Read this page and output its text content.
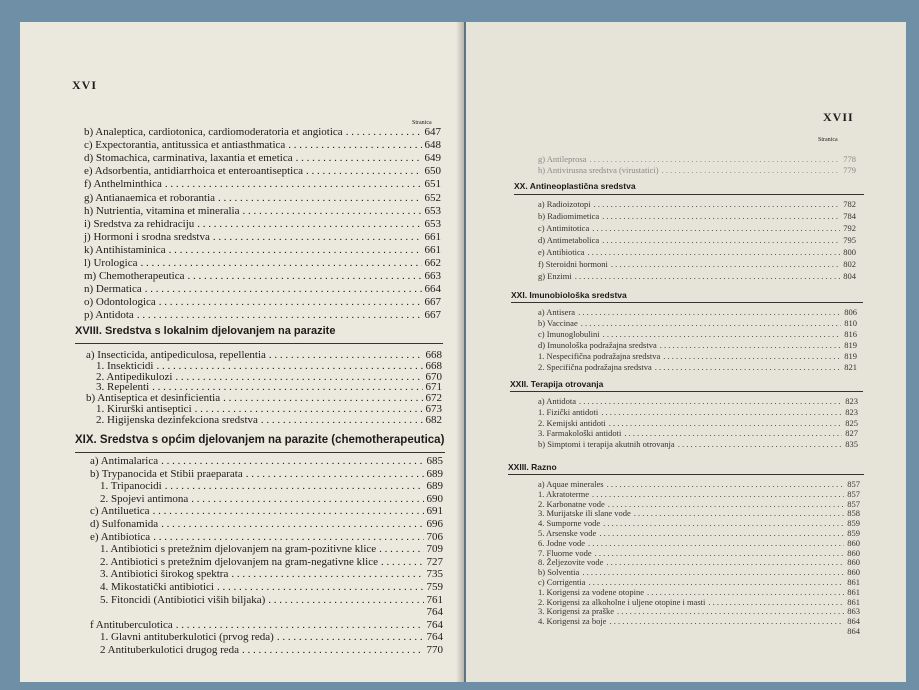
XVI
Stranica
b) Analeptica, cardiotonica, cardiomoderatoria et angiotica . . .	647
c) Expectorantia, antitussica et antiasthmatica . . .	648
d) Stomachica, carminativa, laxantia et emetica . . .	649
e) Adsorbentia, antidiarrhoica et enteroantiseptica . . .	650
f) Anthelminthica . . .	651
g) Antianaemica et roborantia . . .	652
h) Nutrientia, vitamina et mineralia . . .	653
i) Sredstva za rehidraciju . . .	653
j) Hormoni i srodna sredstva . . .	661
k) Antihistaminica . . .	661
l) Urologica . . .	662
m) Chemotherapeutica . . .	663
n) Dermatica . . .	664
o) Odontologica . . .	667
p) Antidota . . .	667
XVIII. Sredstva s lokalnim djelovanjem na parazite
a) Insecticida, antipediculosa, repellentia . . .	668
1. Insekticidi . . .	668
2. Antipedikulozi . . .	670
3. Repelenti . . .	671
b) Antiseptica et desinficientia . . .	672
1. Kirurški antiseptici . . .	673
2. Higijenska dezinfekciona sredstva . . .	682
XIX. Sredstva s općim djelovanjem na parazite (chemotherapeutica)
a) Antimalarica . . .	685
b) Trypanocida et Stibii praeparata . . .	689
1. Tripanocidi . . .	689
2. Spojevi antimona . . .	690
c) Antiluetica . . .	691
d) Sulfonamida . . .	696
e) Antibiotica . . .	706
1. Antibiotici s pretežnim djelovanjem na gram-pozitivne klice . . .	709
2. Antibiotici s pretežnim djelovanjem na gram-negativne klice . . .	727
3. Antibiotici širokog spektra . . .	735
4. Mikostatički antibiotici . . .	759
5. Fitoncidi (Antibiotici viših biljaka) . . .	761
764
f Antituberculotica . . .	764
1. Glavni antituberkulotici (prvog reda) . . .	764
2 Antituberkulotici drugog reda . . .	770
XVII
Stranica
g) Antileprosa . . .	778
h) Antivirusna sredstva (virustatici) . . .	779
XX. Antineoplastična sredstva
a) Radioizotopi . . .	782
b) Radiomimetica . . .	784
c) Antimitotica . . .	792
d) Antimetabolica . . .	795
e) Antibiotica . . .	800
f) Steroidni hormoni . . .	802
g) Enzimi . . .	804
XXI. Imunobiološka sredstva
a) Antisera . . .	806
b) Vaccinae . . .	810
c) Imunoglobulini . . .	816
d) Imunološka podražajna sredstva . . .	819
1. Nespecifična podražajna sredstva . . .	819
2. Specifična podražajna sredstva . . .	821
XXII. Terapija otrovanja
a) Antidota . . .	823
1. Fizički antidoti . . .	823
2. Kemijski antidoti . . .	825
3. Farmakološki antidoti . . .	827
b) Simptomi i terapija akutnih otrovanja . . .	835
XXIII. Razno
a) Aquae minerales . . .	857
1. Akratoterme . . .	857
2. Karbonatne vode . . .	857
3. Murijatske ili slane vode . . .	858
4. Sumporne vode . . .	859
5. Arsenske vode . . .	859
6. Jodne vode . . .	860
7. Fluorne vode . . .	860
8. Željezovite vode . . .	860
b) Solventia . . .	860
c) Corrigentia . . .	861
1. Korigensi za vodene otopine . . .	861
2. Korigensi za alkoholne i uljene otopine i masti . . .	861
3. Korigensi za praške . . .	863
4. Korigensi za boje . . .	864
864
